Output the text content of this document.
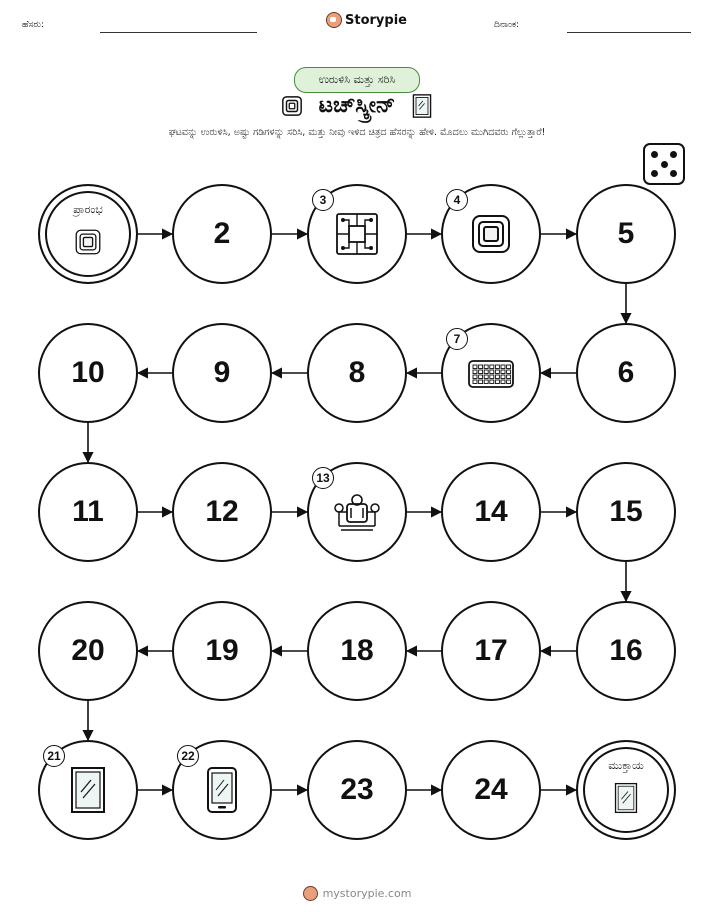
ಹೆಸರು:	Storypie	ದಿನಾಂಕ:
ಉರುಳಿಸಿ ಮತ್ತು ಸರಿಸಿ
ಟಚ್‌ಸ್ಕ್ರೀನ್
ಘಟವನ್ನು ಉರುಳಿಸಿ, ಅಷ್ಟು ಗಡಿಗಳನ್ನು ಸರಿಸಿ, ಮತ್ತು ನೀವು ಇಳಿದ ಚಿತ್ರದ ಹೆಸರನ್ನು ಹೇಳಿ. ಮೊದಲು ಮುಗಿದವರು ಗೆಲ್ಲುತ್ತಾರೆ!
ಪ್ರಾರಂಭ
2
3	4
5
6
7
8
9
10
11	12
13
14	15
16
17
18
19
20
21	22
23	24
ಮುಕ್ತಾಯ
mystorypie.com
